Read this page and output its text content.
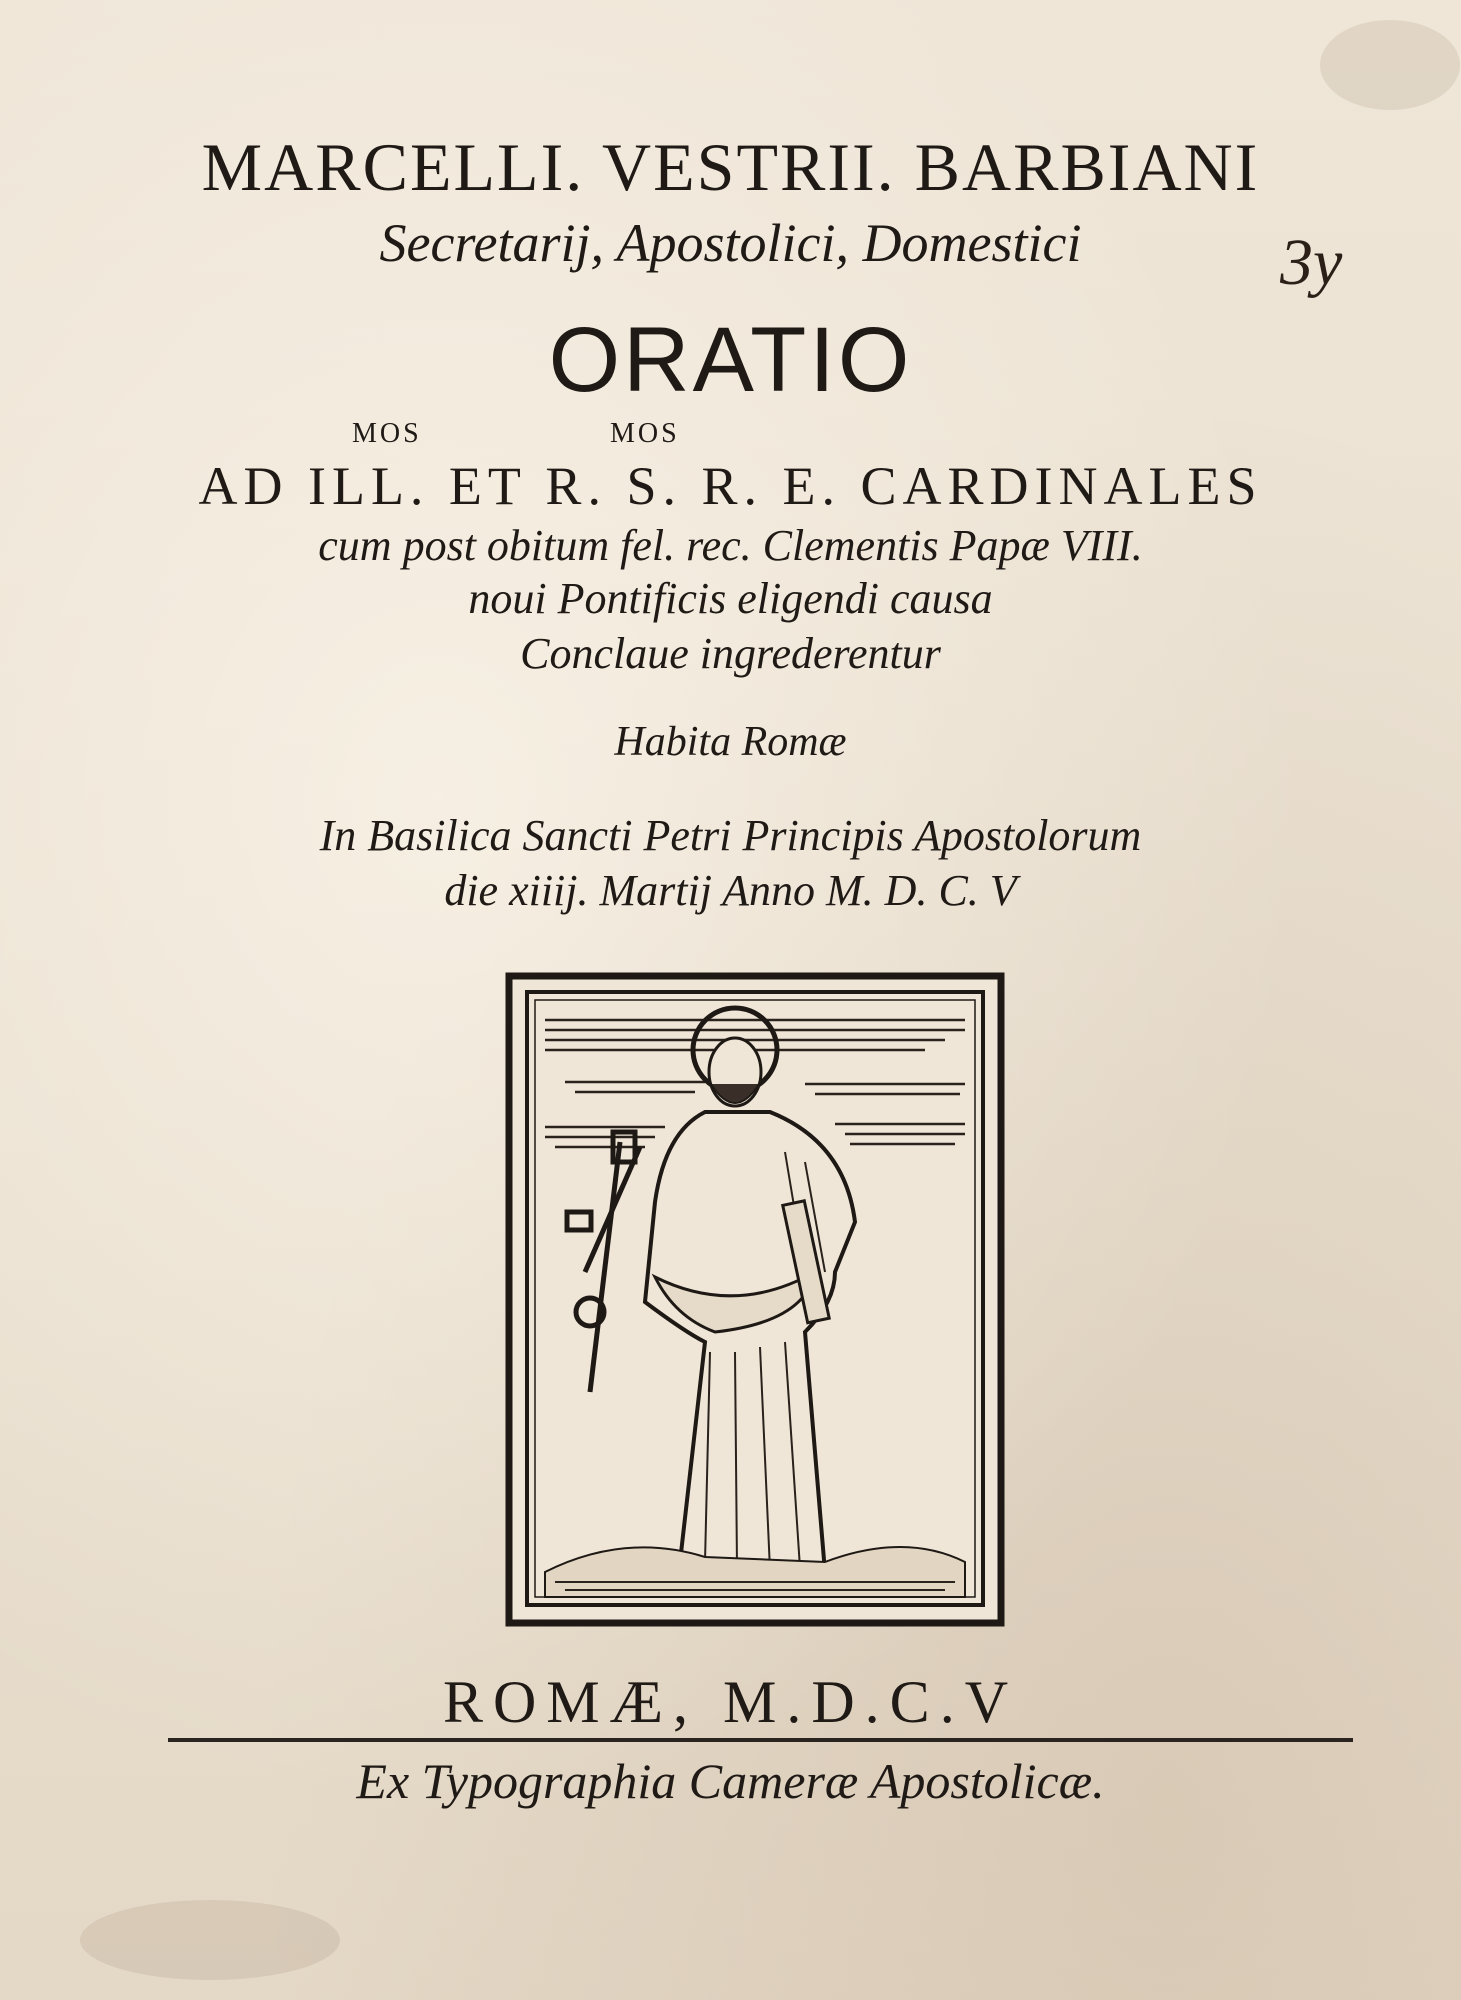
MARCELLI. VESTRII. BARBIANI
Secretarij, Apostolici, Domestici	3y
ORATIO
MOS	MOS
AD ILL. ET R. S. R. E. CARDINALES
cum post obitum fel. rec. Clementis Papæ VIII.
noui Pontificis eligendi causa
Conclaue ingrederentur
Habita Romæ
In Basilica Sancti Petri Principis Apostolorum
die xiiij. Martij Anno M. D. C. V
ROMÆ, M.D.C.V
Ex Typographia Cameræ Apostolicæ.
